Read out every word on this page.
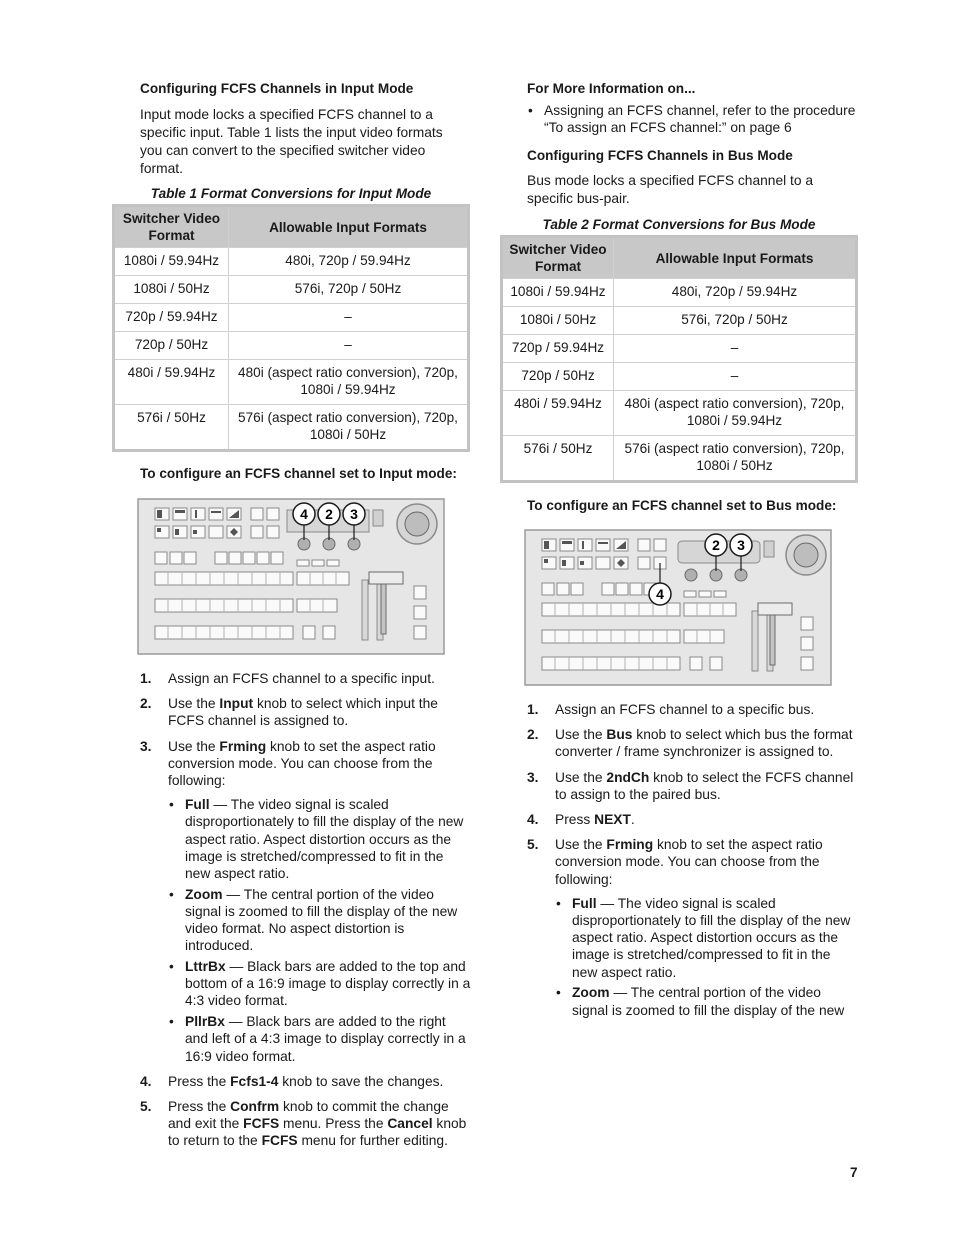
Configuring FCFS Channels in Input Mode
Input mode locks a specified FCFS channel to a specific input. Table 1 lists the input video formats you can convert to the specified switcher video format.
Table 1 Format Conversions for Input Mode
Switcher Video Format	Allowable Input Formats
1080i / 59.94Hz	480i, 720p / 59.94Hz
1080i / 50Hz	576i, 720p / 50Hz
720p / 59.94Hz	–
720p / 50Hz	–
480i / 59.94Hz	480i (aspect ratio conversion), 720p, 1080i / 59.94Hz
576i / 50Hz	576i (aspect ratio conversion), 720p, 1080i / 50Hz
To configure an FCFS channel set to Input mode:
4 2 3
1. Assign an FCFS channel to a specific input.
2. Use the Input knob to select which input the FCFS channel is assigned to.
3. Use the Frming knob to set the aspect ratio conversion mode. You can choose from the following:
• Full — The video signal is scaled disproportionately to fill the display of the new aspect ratio. Aspect distortion occurs as the image is stretched/compressed to fit in the new aspect ratio.
• Zoom — The central portion of the video signal is zoomed to fill the display of the new video format. No aspect distortion is introduced.
• LttrBx — Black bars are added to the top and bottom of a 16:9 image to display correctly in a 4:3 video format.
• PllrBx — Black bars are added to the right and left of a 4:3 image to display correctly in a 16:9 video format.
4. Press the Fcfs1-4 knob to save the changes.
5. Press the Confrm knob to commit the change and exit the FCFS menu. Press the Cancel knob to return to the FCFS menu for further editing.
For More Information on...
• Assigning an FCFS channel, refer to the procedure “To assign an FCFS channel:” on page 6
Configuring FCFS Channels in Bus Mode
Bus mode locks a specified FCFS channel to a specific bus-pair.
Table 2 Format Conversions for Bus Mode
Switcher Video Format	Allowable Input Formats
1080i / 59.94Hz	480i, 720p / 59.94Hz
1080i / 50Hz	576i, 720p / 50Hz
720p / 59.94Hz	–
720p / 50Hz	–
480i / 59.94Hz	480i (aspect ratio conversion), 720p, 1080i / 59.94Hz
576i / 50Hz	576i (aspect ratio conversion), 720p, 1080i / 50Hz
To configure an FCFS channel set to Bus mode:
2 3
4
1. Assign an FCFS channel to a specific bus.
2. Use the Bus knob to select which bus the format converter / frame synchronizer is assigned to.
3. Use the 2ndCh knob to select the FCFS channel to assign to the paired bus.
4. Press NEXT.
5. Use the Frming knob to set the aspect ratio conversion mode. You can choose from the following:
• Full — The video signal is scaled disproportionately to fill the display of the new aspect ratio. Aspect distortion occurs as the image is stretched/compressed to fit in the new aspect ratio.
• Zoom — The central portion of the video signal is zoomed to fill the display of the new
7
